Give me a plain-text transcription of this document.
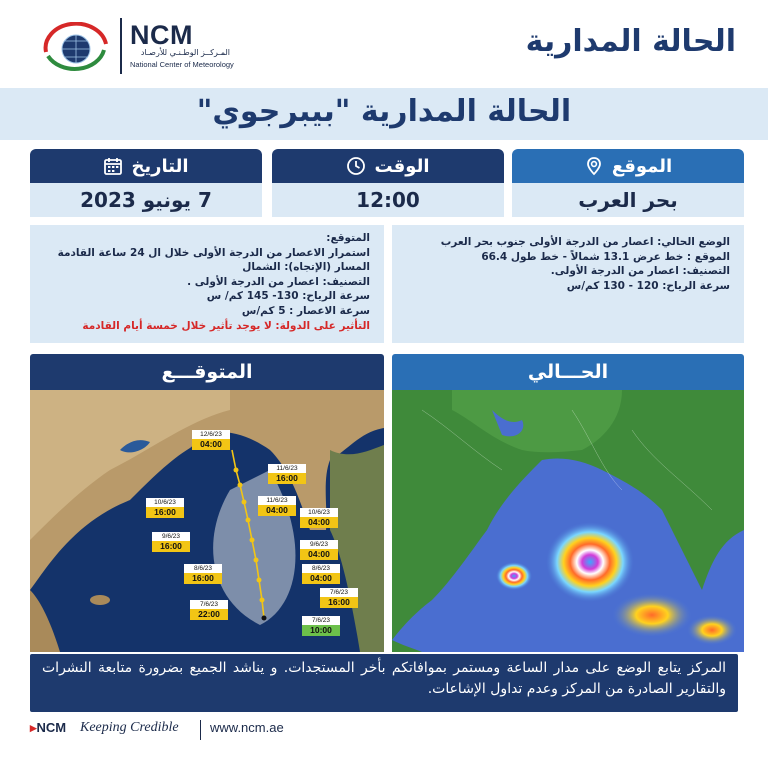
NCM
المـركــز الوطـنـي للأرصـاد
National Center of Meteorology
الحالة المدارية
الحالة المدارية "بيبرجوي"
الموقع
بحر العرب
الوقت
12:00
التاريخ
7 يونيو 2023
الوضع الحالي: اعصار من الدرجة الأولى جنوب بحر العرب
الموقع : خط عرض 13.1 شمالاً - خط طول 66.4
التصنيف: اعصار من الدرجة الأولى.
سرعة الرياح: 120 - 130 كم/س
المتوقع:
استمرار الاعصار من الدرجة الأولى خلال ال 24 ساعة القادمة
المسار (الإتجاه): الشمال
التصنيف: اعصار من الدرجة الأولى .
سرعة الرياح: 130- 145 كم/ س
سرعة الاعصار : 5 كم/س
التأثير على الدولة: لا يوجد تأثير خلال خمسة أيام القادمة
المتوقـــع	الحـــالي
12/6/23
04:00
11/6/23
16:00
11/6/23
04:00
10/6/23
16:00	10/6/23
04:00
9/6/23
16:00	9/6/23
04:00
8/6/23
16:00
8/6/23
04:00
7/6/23
22:00
7/6/23
16:00
7/6/23
10:00
المركز يتابع الوضع على مدار الساعة ومستمر بموافاتكم بأخر المستجدات. و يناشد الجميع بضرورة متابعة النشرات والتقارير الصادرة من المركز وعدم تداول الإشاعات.
▸NCM Keeping Credible www.ncm.ae
